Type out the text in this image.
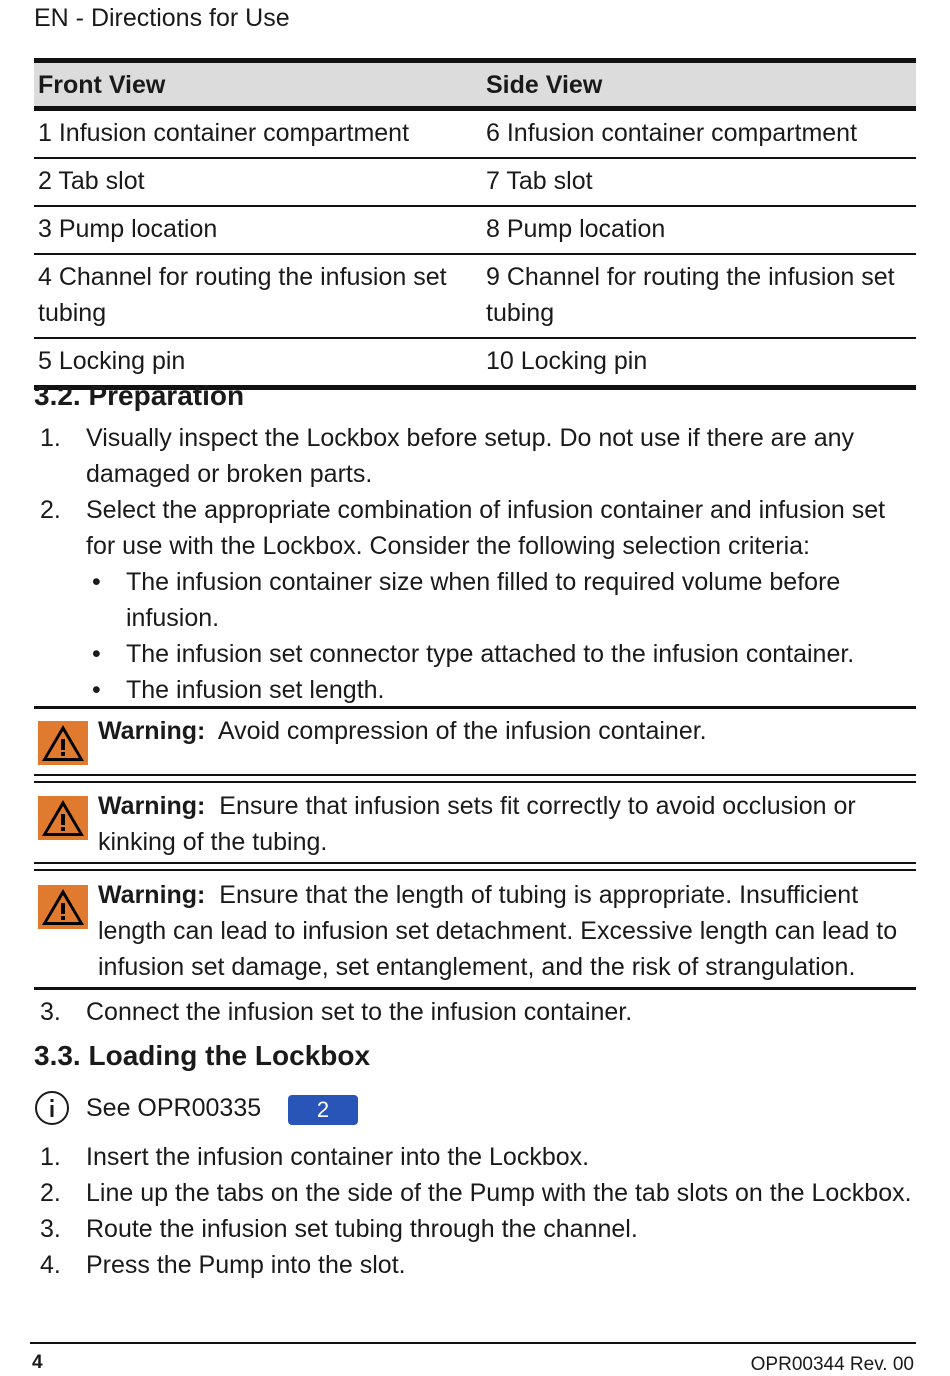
EN - Directions for Use
Front View	Side View
1 Infusion container compartment	6 Infusion container compartment
2 Tab slot	7 Tab slot
3 Pump location	8 Pump location
4 Channel for routing the infusion set tubing	9 Channel for routing the infusion set tubing
5 Locking pin	10 Locking pin
3.2. Preparation
1. Visually inspect the Lockbox before setup. Do not use if there are any damaged or broken parts.
2. Select the appropriate combination of infusion container and infusion set for use with the Lockbox. Consider the following selection criteria:
• The infusion container size when filled to required volume before infusion.
• The infusion set connector type attached to the infusion container.
• The infusion set length.
Warning: Avoid compression of the infusion container.
Warning: Ensure that infusion sets fit correctly to avoid occlusion or kinking of the tubing.
Warning: Ensure that the length of tubing is appropriate. Insufficient length can lead to infusion set detachment. Excessive length can lead to infusion set damage, set entanglement, and the risk of strangulation.
3. Connect the infusion set to the infusion container.
3.3. Loading the Lockbox
See OPR00335	2
1. Insert the infusion container into the Lockbox.
2. Line up the tabs on the side of the Pump with the tab slots on the Lockbox.
3. Route the infusion set tubing through the channel.
4. Press the Pump into the slot.
4	OPR00344 Rev. 00
